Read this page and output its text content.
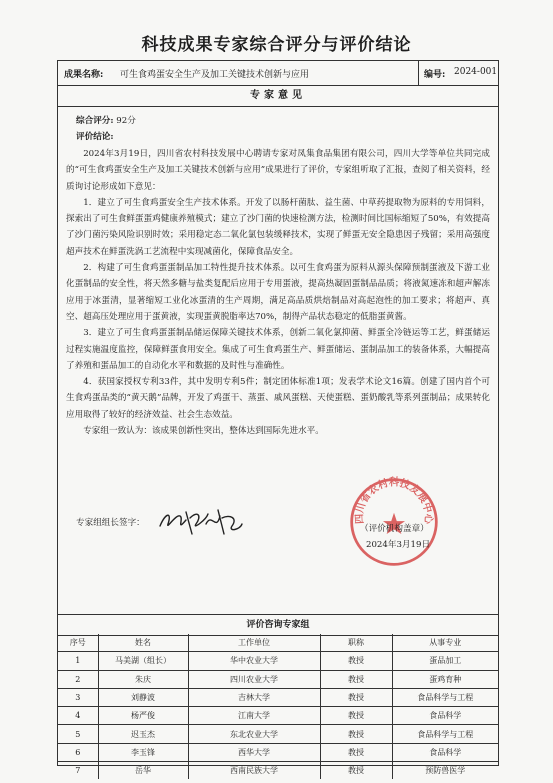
科技成果专家综合评分与评价结论
成果名称: 可生食鸡蛋安全生产及加工关键技术创新与应用	编号: 2024-001
专家意见
综合评分: 92分
评价结论:

2024年3月19日，四川省农村科技发展中心聘请专家对凤集食品集团有限公司，四川大学等单位共同完成的“可生食鸡蛋安全生产及加工关键技术创新与应用”成果进行了评价，专家组听取了汇报，查阅了相关资料，经质询讨论形成如下意见：

1．建立了可生食鸡蛋安全生产技术体系。开发了以肠杆菌肽、益生菌、中草药提取物为原料的专用饲料，探索出了可生食鲜蛋蛋鸡健康养殖模式；建立了沙门菌的快速检测方法，检测时间比国标缩短了50%，有效提高了沙门菌污染风险识别时效；采用稳定态二氧化氯包装缓释技术，实现了鲜蛋无安全隐患因子残留；采用高强度超声技术在鲜蛋洗涡工艺流程中实现减菌化，保障食品安全。

2．构建了可生食鸡蛋蛋制品加工特性提升技术体系。以可生食鸡蛋为原料从源头保障预制蛋液及下游工业化蛋制品的安全性，将天然多糖与盐类复配后应用于专用蛋液，提高热凝固蛋制品品质；将液氮速冻和超声解冻应用于冰蛋清，显著缩短工业化冰蛋清的生产周期，满足高品质烘焙制品对高起泡性的加工要求；将超声、真空、超高压处理应用于蛋黄液，实现蛋黄脱脂率达70%，制得产品状态稳定的低脂蛋黄酱。

3．建立了可生食鸡蛋蛋制品储运保障关键技术体系，创新二氧化氯抑菌、鲜蛋全冷链运等工艺，鲜蛋储运过程实施温度监控，保障鲜蛋食用安全。集成了可生食鸡蛋生产、鲜蛋储运、蛋制品加工的装备体系，大幅提高了养殖和蛋品加工的自动化水平和数据的及时性与准确性。

4．获国家授权专利33件，其中发明专利5件；制定团体标准1项；发表学术论文16篇。创建了国内首个可生食鸡蛋品类的“黄天鹅”品牌，开发了鸡蛋干、蒸蛋、戚风蛋糕、天使蛋糕、蛋奶酸乳等系列蛋制品；成果转化应用取得了较好的经济效益、社会生态效益。

专家组一致认为：该成果创新性突出，整体达到国际先进水平。

专家组组长签字：	四川省农村科技发展中心
（评价机构盖章）
2024年3月19日
评价咨询专家组
序号	姓名	工作单位	职称	从事专业
1	马美湖（组长）	华中农业大学	教授	蛋品加工
2	朱庆	四川农业大学	教授	蛋鸡育种
3	刘静波	吉林大学	教授	食品科学与工程
4	杨严俊	江南大学	教授	食品科学
5	迟玉杰	东北农业大学	教授	食品科学与工程
6	李玉锋	西华大学	教授	食品科学
7	岳华	西南民族大学	教授	预防兽医学
